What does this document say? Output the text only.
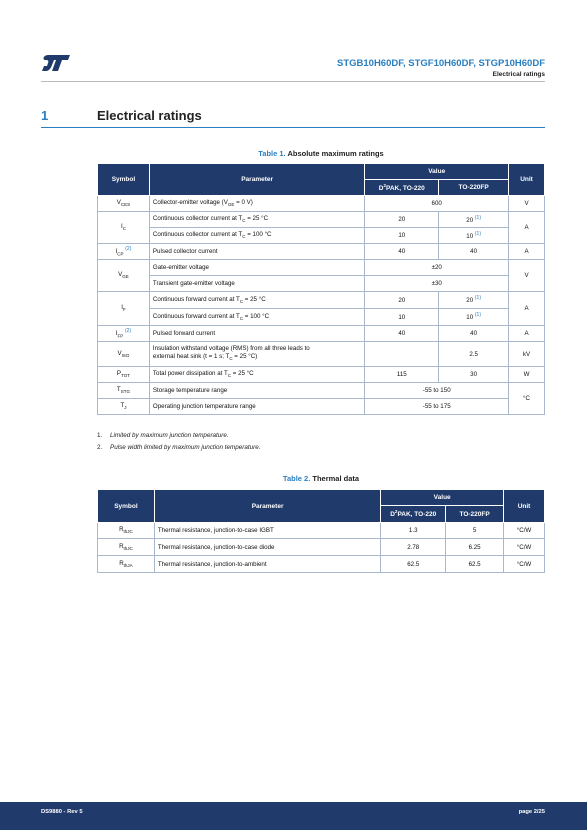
STGB10H60DF, STGF10H60DF, STGP10H60DF
Electrical ratings
1	Electrical ratings
Table 1. Absolute maximum ratings
Symbol	Parameter	Value		Unit
		$D^2PAK$, TO-220	TO-220FP	
$V_{CES}$	Collector-emitter voltage ($V_{GE} = 0$ V)	600		V
$I_C$	Continuous collector current at $T_C = 25$ °C	20	20 $^{(1)}$	A
	Continuous collector current at $T_C = 100$ °C	10	10 $^{(1)}$
$I_{CP}$ $^{(2)}$	Pulsed collector current	40	40	A
$V_{GE}$	Gate-emitter voltage	±20		V
	Transient gate-emitter voltage	±30		
$I_F$	Continuous forward current at $T_C = 25$ °C	20	20 $^{(1)}$	A
	Continuous forward current at $T_C = 100$ °C	10	10 $^{(1)}$
$I_{FP}$ $^{(2)}$	Pulsed forward current	40	40	A
$V_{ISO}$	Insulation withstand voltage (RMS) from all three leads to
external heat sink (t = 1 s; $T_C = 25$ °C)		2.5	kV
$P_{TOT}$	Total power dissipation at $T_C = 25$ °C	115	30	W
$T_{STG}$	Storage temperature range	-55 to 150		°C
$T_J$	Operating junction temperature range	-55 to 175		
1. Limited by maximum junction temperature.
2. Pulse width limited by maximum junction temperature.
Table 2. Thermal data
Symbol	Parameter	Value		Unit
		$D^2PAK$, TO-220	TO-220FP	
$R_{thJC}$	Thermal resistance, junction-to-case IGBT	1.3	5	°C/W
$R_{thJC}$	Thermal resistance, junction-to-case diode	2.78	6.25	°C/W
$R_{thJA}$	Thermal resistance, junction-to-ambient	62.5	62.5	°C/W
DS9880 - Rev 5	page 2/25
